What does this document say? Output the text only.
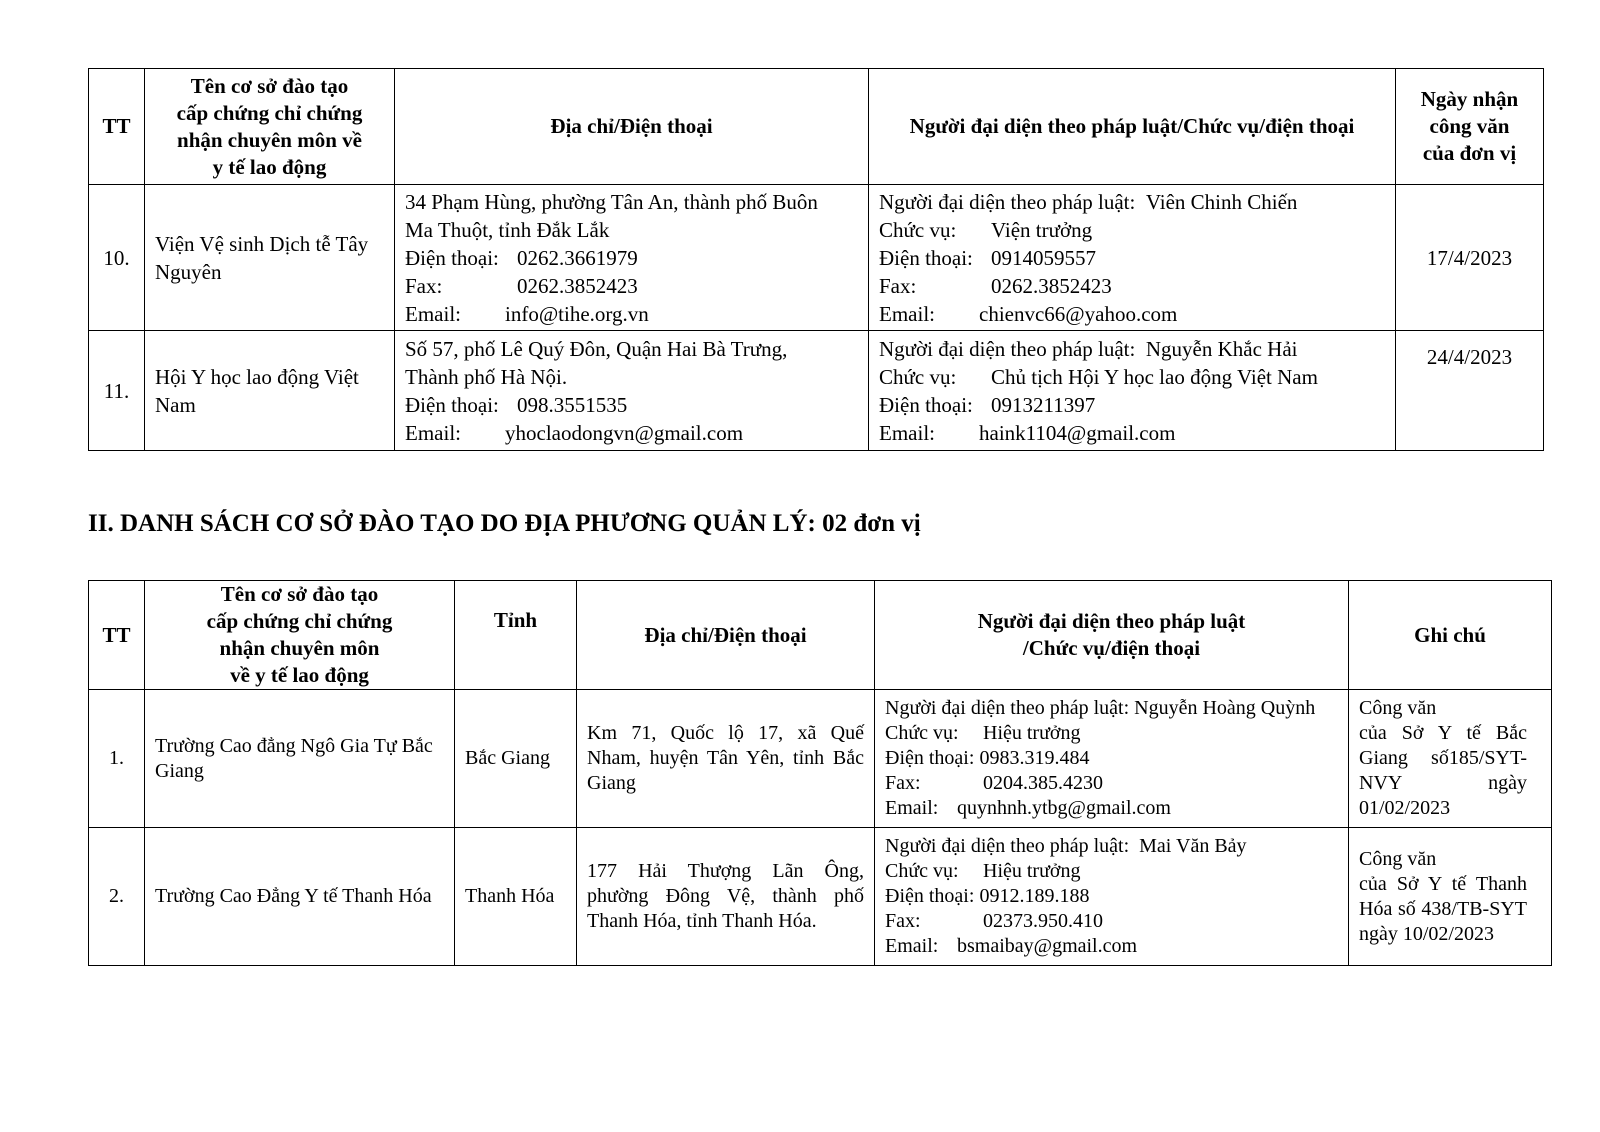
TT	Tên cơ sở đào tạo
cấp chứng chỉ chứng
nhận chuyên môn về
y tế lao động	Địa chỉ/Điện thoại	Người đại diện theo pháp luật/Chức vụ/điện thoại	Ngày nhận
công văn
của đơn vị

10.	Viện Vệ sinh Dịch tễ Tây Nguyên	34 Phạm Hùng, phường Tân An, thành phố Buôn
Ma Thuột, tỉnh Đắk Lắk
Điện thoại: 0262.3661979
Fax: 0262.3852423
Email: info@tihe.org.vn	Người đại diện theo pháp luật: Viên Chinh Chiến
Chức vụ: Viện trưởng
Điện thoại: 0914059557
Fax: 0262.3852423
Email: chienvc66@yahoo.com	17/4/2023
11.	Hội Y học lao động Việt Nam	Số 57, phố Lê Quý Đôn, Quận Hai Bà Trưng,
Thành phố Hà Nội.
Điện thoại: 098.3551535
Email: yhoclaodongvn@gmail.com	Người đại diện theo pháp luật: Nguyễn Khắc Hải
Chức vụ: Chủ tịch Hội Y học lao động Việt Nam
Điện thoại: 0913211397
Email: haink1104@gmail.com	24/4/2023
II. DANH SÁCH CƠ SỞ ĐÀO TẠO DO ĐỊA PHƯƠNG QUẢN LÝ: 02 đơn vị
TT	Tên cơ sở đào tạo
cấp chứng chỉ chứng
nhận chuyên môn
về y tế lao động	Tỉnh	Địa chỉ/Điện thoại	Người đại diện theo pháp luật
/Chức vụ/điện thoại	Ghi chú
1.	Trường Cao đẳng Ngô Gia Tự Bắc Giang	Bắc Giang	Km 71, Quốc lộ 17, xã Quế Nham, huyện Tân Yên, tỉnh Bắc Giang	Người đại diện theo pháp luật: Nguyễn Hoàng Quỳnh
Chức vụ: Hiệu trưởng
Điện thoại: 0983.319.484
Fax: 0204.385.4230
Email: quynhnh.ytbg@gmail.com	Công văn
của Sở Y tế Bắc Giang số185/SYT-NVY ngày 01/02/2023

2.	Trường Cao Đẳng Y tế Thanh Hóa	Thanh Hóa	177 Hải Thượng Lãn Ông, phường Đông Vệ, thành phố Thanh Hóa, tỉnh Thanh Hóa.	Người đại diện theo pháp luật: Mai Văn Bảy
Chức vụ: Hiệu trưởng
Điện thoại: 0912.189.188
Fax: 02373.950.410
Email: bsmaibay@gmail.com	Công văn
của Sở Y tế Thanh Hóa số 438/TB-SYT ngày 10/02/2023
